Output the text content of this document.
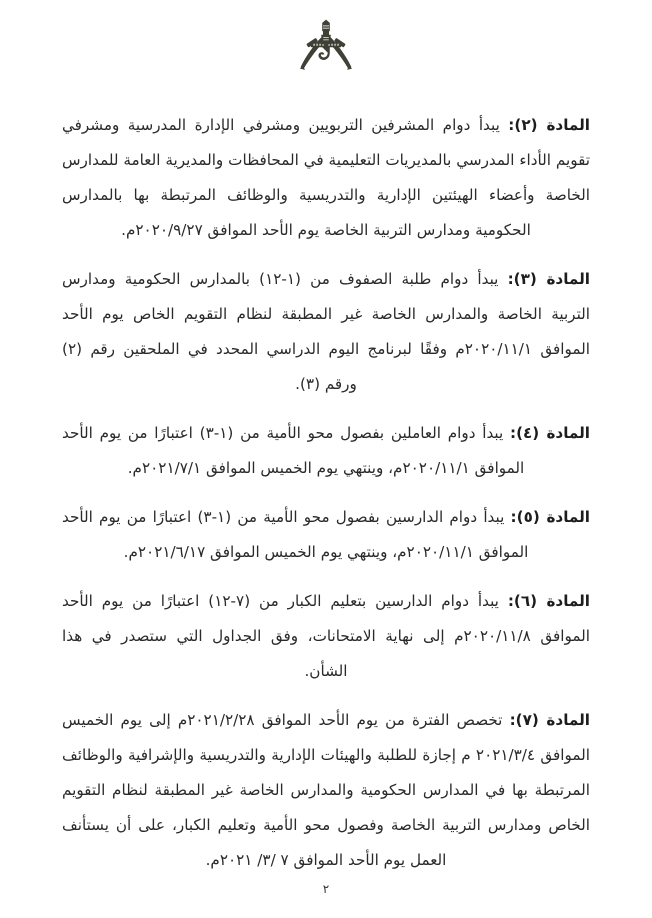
المادة (٢): يبدأ دوام المشرفين التربويين ومشرفي الإدارة المدرسية ومشرفي تقويم الأداء المدرسي بالمديريات التعليمية في المحافظات والمديرية العامة للمدارس الخاصة وأعضاء الهيئتين الإدارية والتدريسية والوظائف المرتبطة بها بالمدارس الحكومية ومدارس التربية الخاصة يوم الأحد الموافق ٢٠٢٠/٩/٢٧م.

المادة (٣): يبدأ دوام طلبة الصفوف من (١-١٢) بالمدارس الحكومية ومدارس التربية الخاصة والمدارس الخاصة غير المطبقة لنظام التقويم الخاص يوم الأحد الموافق ٢٠٢٠/١١/١م وفقًا لبرنامج اليوم الدراسي المحدد في الملحقين رقم (٢) ورقم (٣).

المادة (٤): يبدأ دوام العاملين بفصول محو الأمية من (١-٣) اعتبارًا من يوم الأحد الموافق ٢٠٢٠/١١/١م، وينتهي يوم الخميس الموافق ٢٠٢١/٧/١م.

المادة (٥): يبدأ دوام الدارسين بفصول محو الأمية من (١-٣) اعتبارًا من يوم الأحد الموافق ٢٠٢٠/١١/١م، وينتهي يوم الخميس الموافق ٢٠٢١/٦/١٧م.

المادة (٦): يبدأ دوام الدارسين بتعليم الكبار من (٧-١٢) اعتبارًا من يوم الأحد الموافق ٢٠٢٠/١١/٨م إلى نهاية الامتحانات، وفق الجداول التي ستصدر في هذا الشأن.

المادة (٧): تخصص الفترة من يوم الأحد الموافق ٢٠٢١/٢/٢٨م إلى يوم الخميس الموافق ٢٠٢١/٣/٤ م إجازة للطلبة والهيئات الإدارية والتدريسية والإشرافية والوظائف المرتبطة بها في المدارس الحكومية والمدارس الخاصة غير المطبقة لنظام التقويم الخاص ومدارس التربية الخاصة وفصول محو الأمية وتعليم الكبار، على أن يستأنف العمل يوم الأحد الموافق ٧ /٣/ ٢٠٢١م.

٢
